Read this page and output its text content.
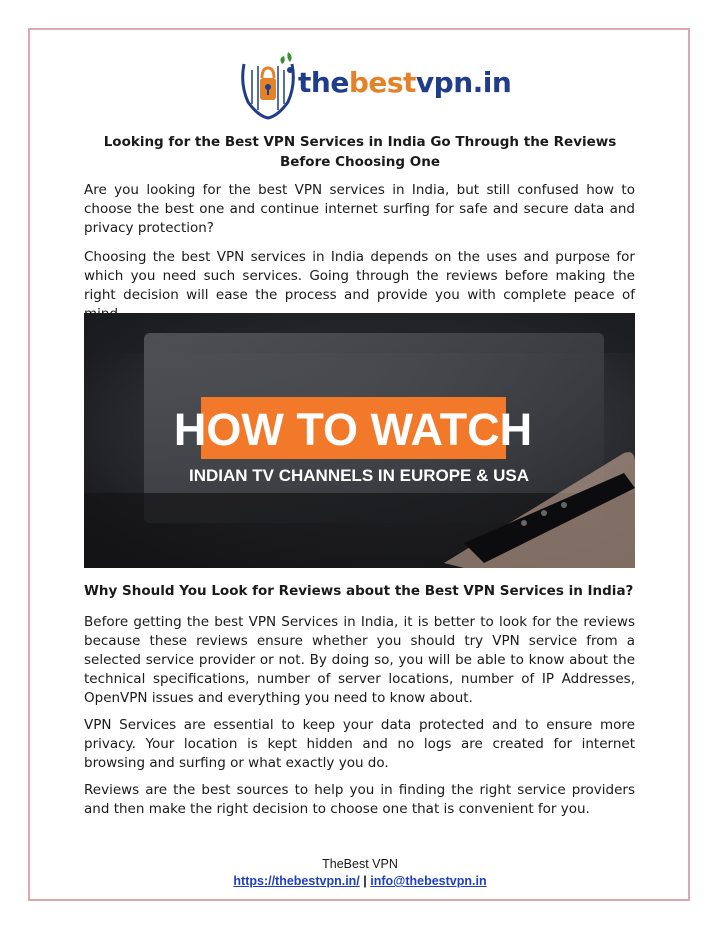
thebestvpn.in
Looking for the Best VPN Services in India Go Through the Reviews Before Choosing One

Are you looking for the best VPN services in India, but still confused how to choose the best one and continue internet surfing for safe and secure data and privacy protection?

Choosing the best VPN services in India depends on the uses and purpose for which you need such services. Going through the reviews before making the right decision will ease the process and provide you with complete peace of

HOW TO WATCH
INDIAN TV CHANNELS IN EUROPE & USA
Why Should You Look for Reviews about the Best VPN Services in India?

Before getting the best VPN Services in India, it is better to look for the reviews because these reviews ensure whether you should try VPN service from a selected service provider or not. By doing so, you will be able to know about the technical specifications, number of server locations, number of IP Addresses, OpenVPN issues and everything you need to know about.

VPN Services are essential to keep your data protected and to ensure more privacy. Your location is kept hidden and no logs are created for internet browsing and surfing or what exactly you do.

Reviews are the best sources to help you in finding the right service providers and then make the right decision to choose one that is convenient for you.

TheBest VPN
https://thebestvpn.in/ | info@thebestvpn.in
